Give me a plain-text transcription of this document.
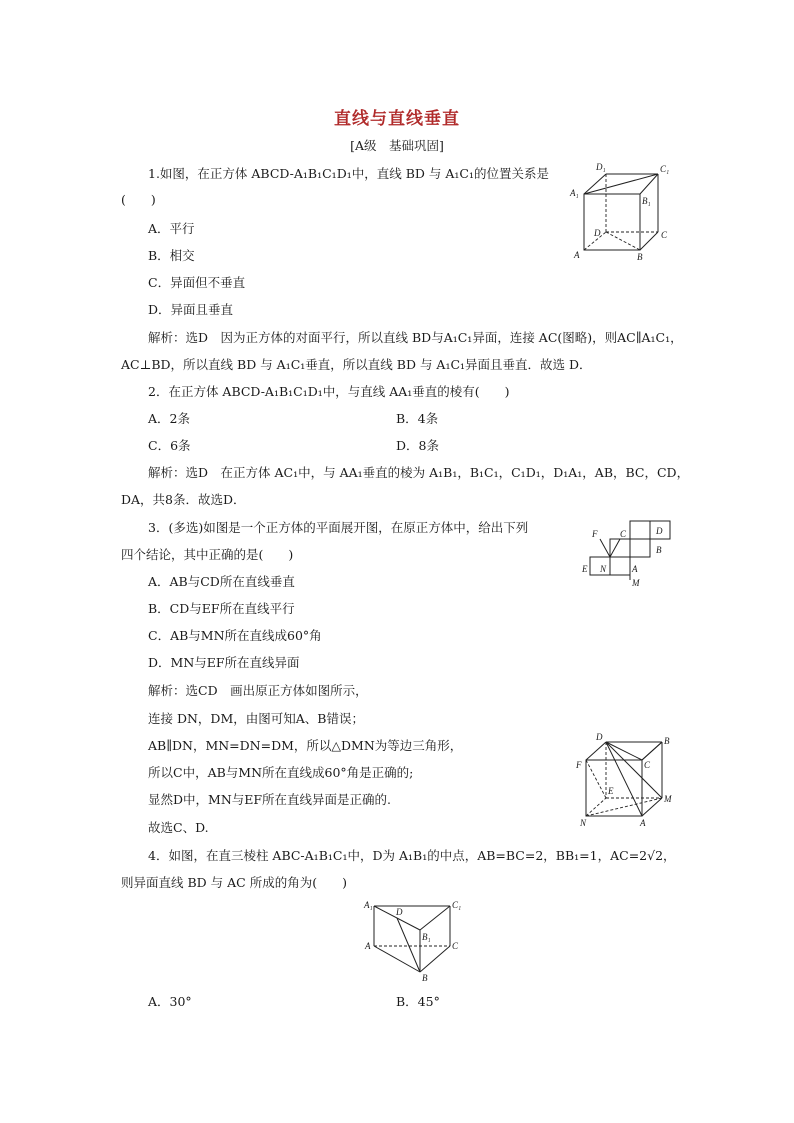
直线与直线垂直
[A级　基础巩固]
1.如图，在正方体 ABCD-A₁B₁C₁D₁中，直线 BD 与 A₁C₁的位置关系是
(　　)
A．平行
B．相交
C．异面但不垂直
D．异面且垂直
解析：选D　因为正方体的对面平行，所以直线 BD与A₁C₁异面，连接 AC(图略)，则AC∥A₁C₁，
AC⊥BD，所以直线 BD 与 A₁C₁垂直，所以直线 BD 与 A₁C₁异面且垂直．故选 D．
D₁	C₁
A₁
B₁
D	C
A	B
2．在正方体 ABCD-A₁B₁C₁D₁中，与直线 AA₁垂直的棱有(　　)
A．2条	B．4条
C．6条	D．8条
解析：选D　在正方体 AC₁中，与 AA₁垂直的棱为 A₁B₁，B₁C₁，C₁D₁，D₁A₁，AB，BC，CD，
DA，共8条．故选D．
3．(多选)如图是一个正方体的平面展开图，在原正方体中，给出下列
四个结论，其中正确的是(　　)
A．AB与CD所在直线垂直
B．CD与EF所在直线平行
C．AB与MN所在直线成60°角
D．MN与EF所在直线异面
解析：选CD　画出原正方体如图所示，
连接 DN，DM，由图可知A、B错误；
AB∥DN，MN=DN=DM，所以△DMN为等边三角形，
所以C中，AB与MN所在直线成60°角是正确的;
显然D中，MN与EF所在直线异面是正确的.
故选C、D.
F	C	D
B
E N	A
M
D	B
F	C
E
M
N	A
4．如图，在直三棱柱 ABC-A₁B₁C₁中，D为 A₁B₁的中点，AB=BC=2，BB₁=1，AC=2√2，
则异面直线 BD 与 AC 所成的角为(　　)
A₁
D
C₁
B₁
A	C
B
A．30°	B．45°
